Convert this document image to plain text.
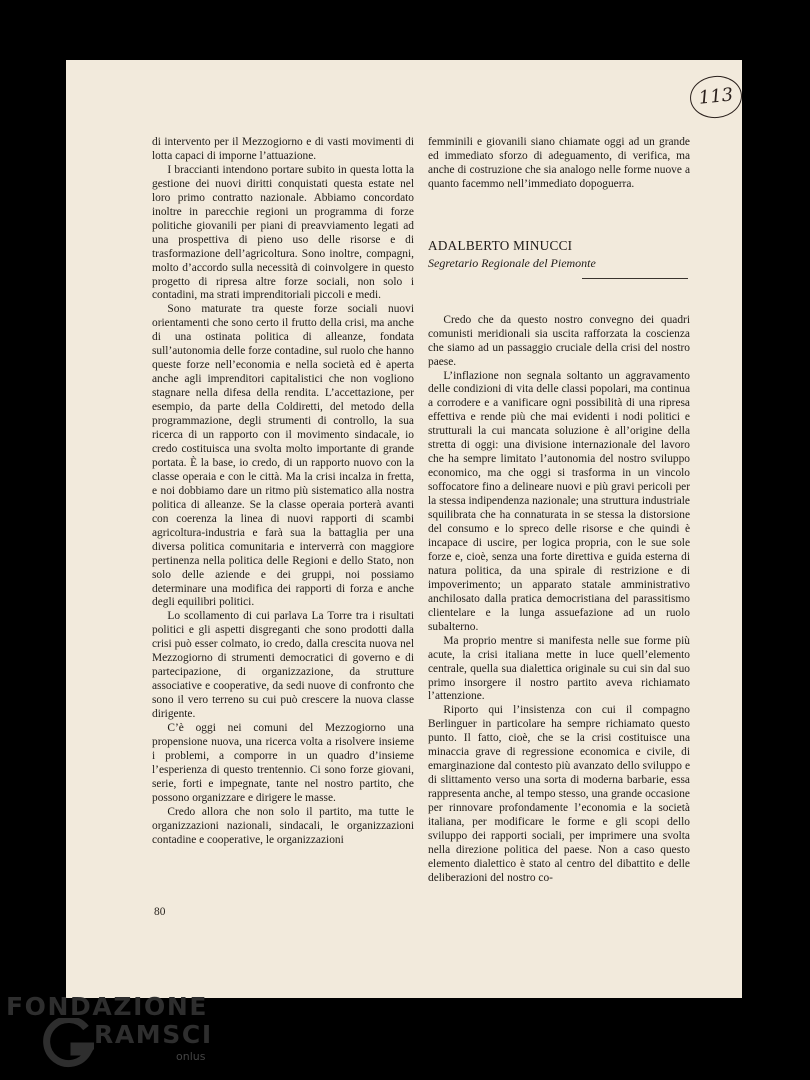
113

di intervento per il Mezzogiorno e di vasti movimenti di lotta capaci di imporne l’attuazione.

I braccianti intendono portare subito in questa lotta la gestione dei nuovi diritti conquistati questa estate nel loro primo contratto nazionale. Abbiamo concordato inoltre in parecchie regioni un programma di forze politiche giovanili per piani di preavviamento legati ad una prospettiva di pieno uso delle risorse e di trasformazione dell’agricoltura. Sono inoltre, compagni, molto d’accordo sulla necessità di coinvolgere in questo progetto di ripresa altre forze sociali, non solo i contadini, ma strati imprenditoriali piccoli e medi.

Sono maturate tra queste forze sociali nuovi orientamenti che sono certo il frutto della crisi, ma anche di una ostinata politica di alleanze, fondata sull’autonomia delle forze contadine, sul ruolo che hanno queste forze nell’economia e nella società ed è aperta anche agli imprenditori capitalistici che non vogliono stagnare nella difesa della rendita. L’accettazione, per esempio, da parte della Coldiretti, del metodo della programmazione, degli strumenti di controllo, la sua ricerca di un rapporto con il movimento sindacale, io credo costituisca una svolta molto importante di grande portata. È la base, io credo, di un rapporto nuovo con la classe operaia e con le città. Ma la crisi incalza in fretta, e noi dobbiamo dare un ritmo più sistematico alla nostra politica di alleanze. Se la classe operaia porterà avanti con coerenza la linea di nuovi rapporti di scambi agricoltura-industria e farà sua la battaglia per una diversa politica comunitaria e interverrà con maggiore pertinenza nella politica delle Regioni e dello Stato, non solo delle aziende e dei gruppi, noi possiamo determinare una modifica dei rapporti di forza e anche degli equilibri politici.

Lo scollamento di cui parlava La Torre tra i risultati politici e gli aspetti disgreganti che sono prodotti dalla crisi può esser colmato, io credo, dalla crescita nuova nel Mezzogiorno di strumenti democratici di governo e di partecipazione, di organizzazione, da strutture associative e cooperative, da sedi nuove di confronto che sono il vero terreno su cui può crescere la nuova classe dirigente.

C’è oggi nei comuni del Mezzogiorno una propensione nuova, una ricerca volta a risolvere insieme i problemi, a comporre in un quadro d’insieme l’esperienza di questo trentennio. Ci sono forze giovani, serie, forti e impegnate, tante nel nostro partito, che possono organizzare e dirigere le masse.

Credo allora che non solo il partito, ma tutte le organizzazioni nazionali, sindacali, le organizzazioni contadine e cooperative, le organizzazioni

femminili e giovanili siano chiamate oggi ad un grande ed immediato sforzo di adeguamento, di verifica, ma anche di costruzione che sia analogo nelle forme nuove a quanto facemmo nell’immediato dopoguerra.

ADALBERTO MINUCCI
Segretario Regionale del Piemonte

Credo che da questo nostro convegno dei quadri comunisti meridionali sia uscita rafforzata la coscienza che siamo ad un passaggio cruciale della crisi del nostro paese.

L’inflazione non segnala soltanto un aggravamento delle condizioni di vita delle classi popolari, ma continua a corrodere e a vanificare ogni possibilità di una ripresa effettiva e rende più che mai evidenti i nodi politici e strutturali la cui mancata soluzione è all’origine della stretta di oggi: una divisione internazionale del lavoro che ha sempre limitato l’autonomia del nostro sviluppo economico, ma che oggi si trasforma in un vincolo soffocatore fino a delineare nuovi e più gravi pericoli per la stessa indipendenza nazionale; una struttura industriale squilibrata che ha connaturata in se stessa la distorsione del consumo e lo spreco delle risorse e che quindi è incapace di uscire, per logica propria, con le sue sole forze e, cioè, senza una forte direttiva e guida esterna di natura politica, da una spirale di restrizione e di impoverimento; un apparato statale amministrativo anchilosato dalla pratica democristiana del parassitismo clientelare e la lunga assuefazione ad un ruolo subalterno.

Ma proprio mentre si manifesta nelle sue forme più acute, la crisi italiana mette in luce quell’elemento centrale, quella sua dialettica originale su cui sin dal suo primo insorgere il nostro partito aveva richiamato l’attenzione.

Riporto qui l’insistenza con cui il compagno Berlinguer in particolare ha sempre richiamato questo punto. Il fatto, cioè, che se la crisi costituisce una minaccia grave di regressione economica e civile, di emarginazione dal contesto più avanzato dello sviluppo e di slittamento verso una sorta di moderna barbarie, essa rappresenta anche, al tempo stesso, una grande occasione per rinnovare profondamente l’economia e la società italiana, per modificare le forme e gli scopi dello sviluppo dei rapporti sociali, per imprimere una svolta nella direzione politica del paese. Non a caso questo elemento dialettico è stato al centro del dibattito e delle deliberazioni del nostro co-

80
FONDAZIONE
RAMSCI
onlus
